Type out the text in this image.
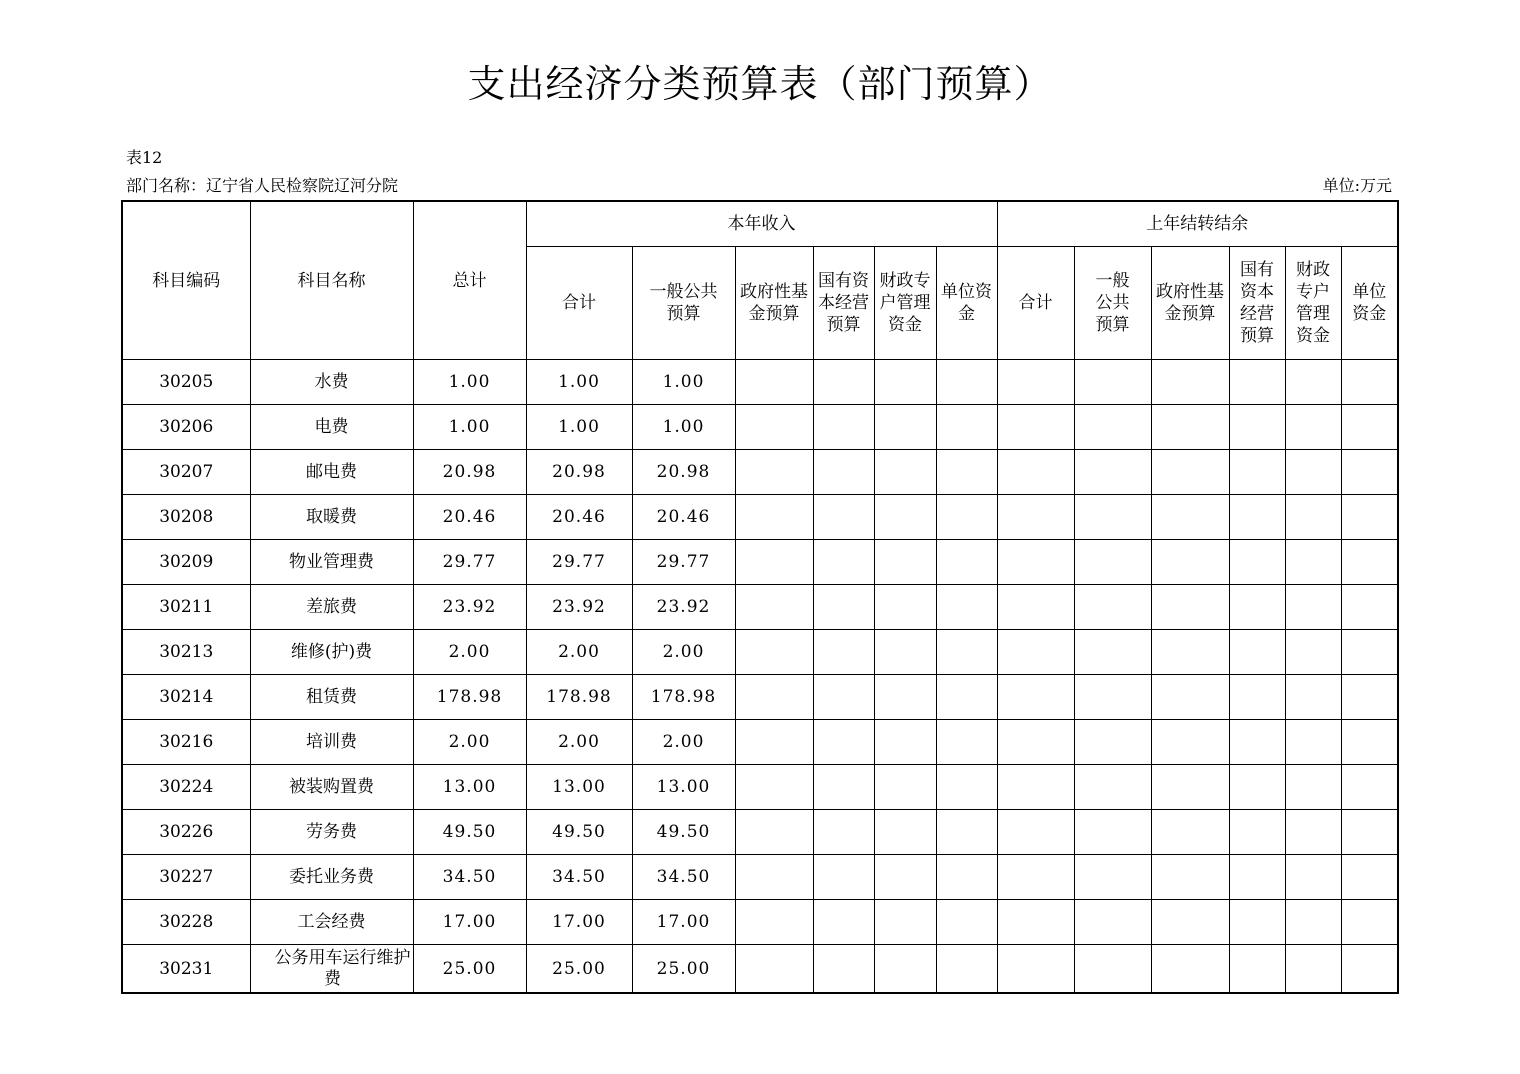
支出经济分类预算表（部门预算）
表12
部门名称：辽宁省人民检察院辽河分院	单位:万元
科目编码	科目名称	总计	本年收入						上年结转结余					
			合计	一般公共预算	政府性基金预算	国有资本经营预算	财政专户管理资金	单位资金	合计	一般公共预算	政府性基金预算	国有资本经营预算	财政专户管理资金	单位资金
30205	水费	1.00	1.00	1.00										
30206	电费	1.00	1.00	1.00										
30207	邮电费	20.98	20.98	20.98										
30208	取暖费	20.46	20.46	20.46										
30209	物业管理费	29.77	29.77	29.77										
30211	差旅费	23.92	23.92	23.92										
30213	维修(护)费	2.00	2.00	2.00										
30214	租赁费	178.98	178.98	178.98										
30216	培训费	2.00	2.00	2.00										
30224	被装购置费	13.00	13.00	13.00										
30226	劳务费	49.50	49.50	49.50										
30227	委托业务费	34.50	34.50	34.50										
30228	工会经费	17.00	17.00	17.00										
30231	公务用车运行维护费	25.00	25.00	25.00										
